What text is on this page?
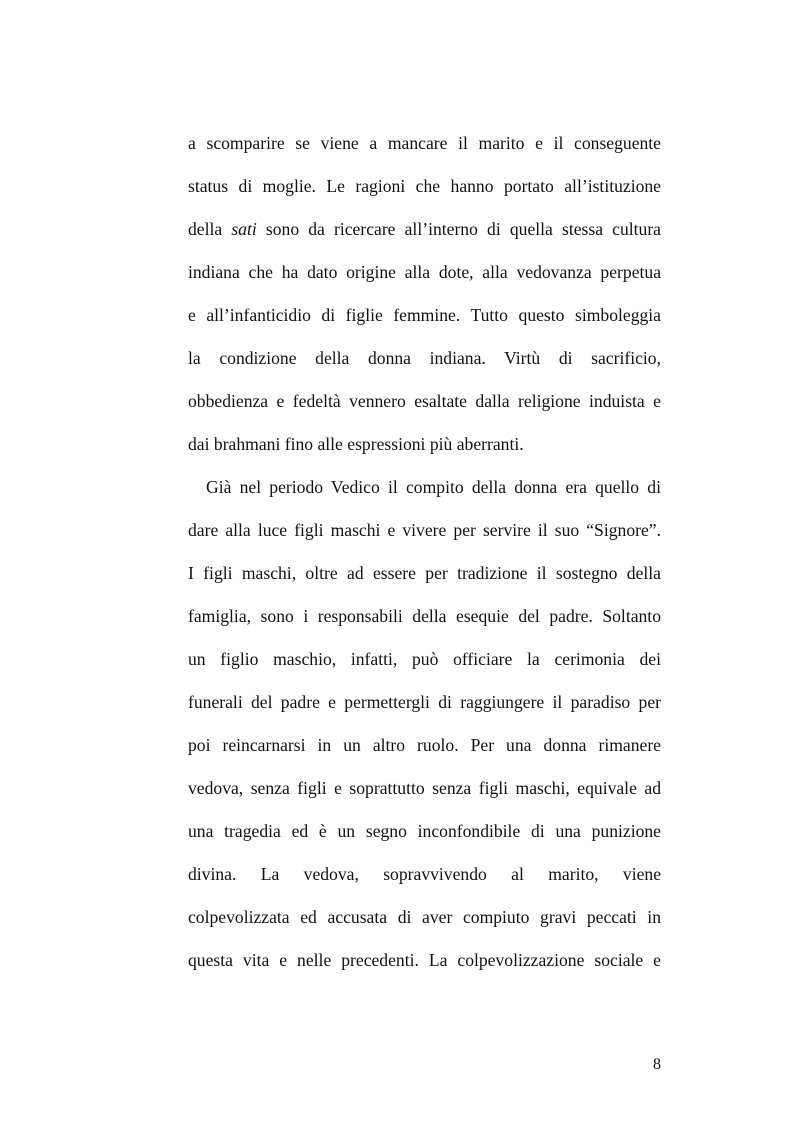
a scomparire se viene a mancare il marito e il conseguente
status di moglie. Le ragioni che hanno portato all’istituzione
della sati sono da ricercare all’interno di quella stessa cultura
indiana che ha dato origine alla dote, alla vedovanza perpetua
e all’infanticidio di figlie femmine. Tutto questo simboleggia
la condizione della donna indiana. Virtù di sacrificio,
obbedienza e fedeltà vennero esaltate dalla religione induista e
dai brahmani fino alle espressioni più aberranti.
Già nel periodo Vedico il compito della donna era quello di
dare alla luce figli maschi e vivere per servire il suo “Signore”.
I figli maschi, oltre ad essere per tradizione il sostegno della
famiglia, sono i responsabili della esequie del padre. Soltanto
un figlio maschio, infatti, può officiare la cerimonia dei
funerali del padre e permettergli di raggiungere il paradiso per
poi reincarnarsi in un altro ruolo. Per una donna rimanere
vedova, senza figli e soprattutto senza figli maschi, equivale ad
una tragedia ed è un segno inconfondibile di una punizione
divina. La vedova, sopravvivendo al marito, viene
colpevolizzata ed accusata di aver compiuto gravi peccati in
questa vita e nelle precedenti. La colpevolizzazione sociale e
8
